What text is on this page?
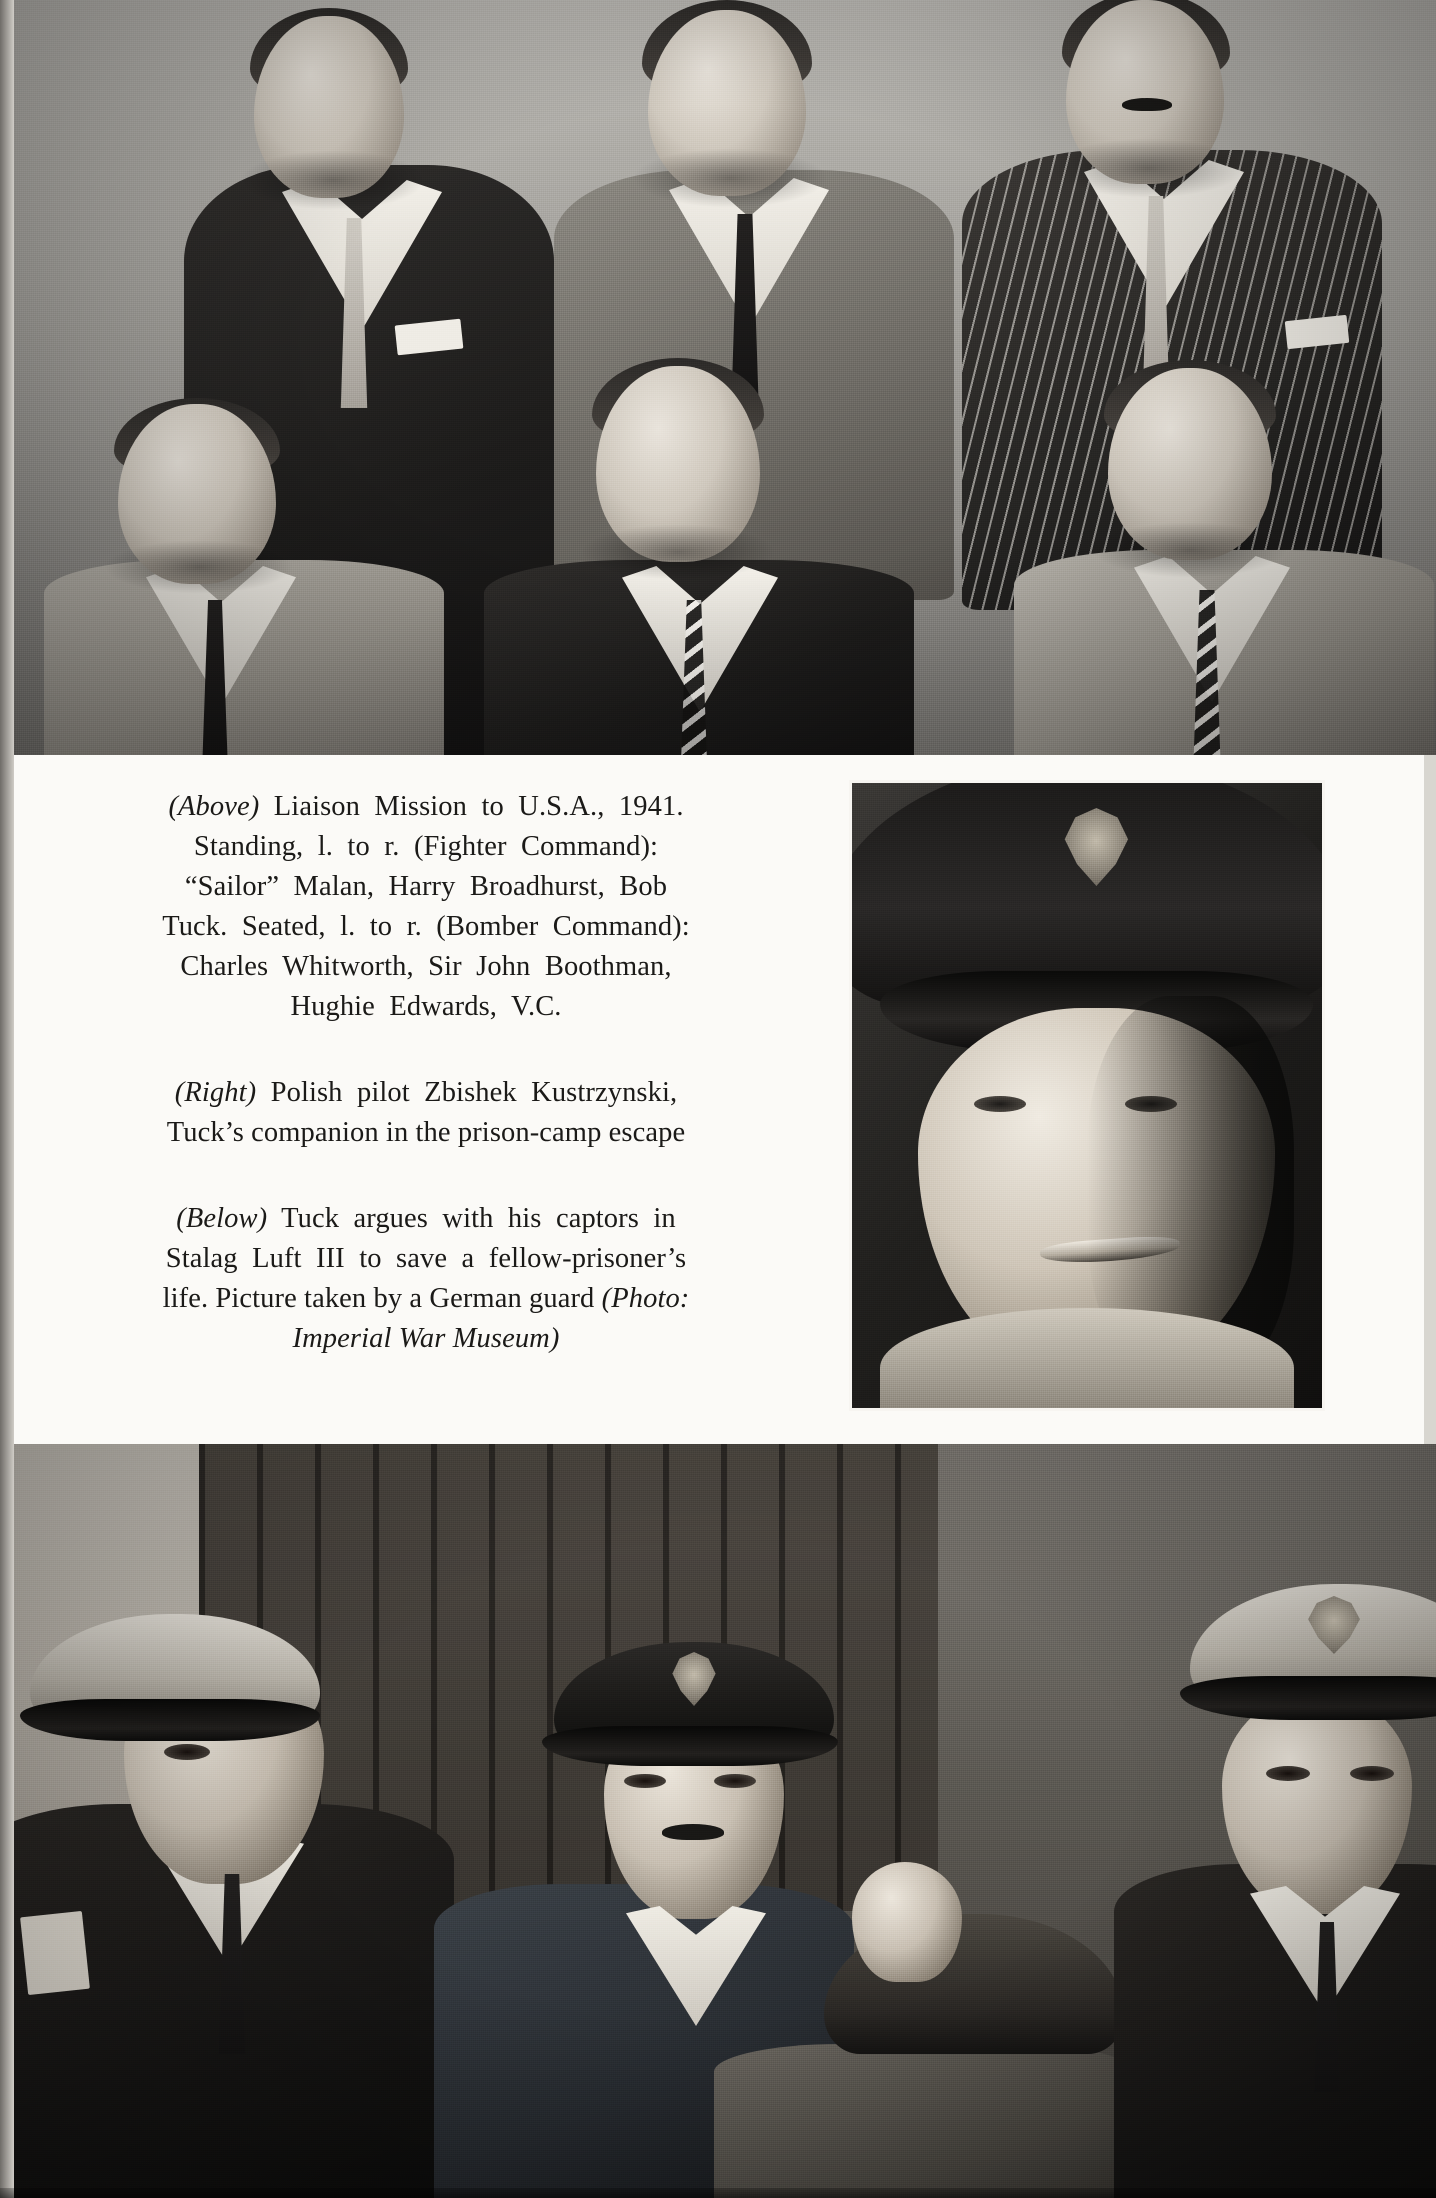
(Above)  Liaison  Mission  to  U.S.A.,  1941.

Standing,  l.  to  r.  (Fighter  Command):

“Sailor”  Malan,  Harry  Broadhurst,  Bob

Tuck.  Seated,  l.  to  r.  (Bomber  Command):

Charles  Whitworth,  Sir  John  Boothman,

Hughie  Edwards,  V.C.

(Right)  Polish  pilot  Zbishek  Kustrzynski,

Tuck’s companion in the prison-camp escape

(Below)  Tuck  argues  with  his  captors  in

Stalag  Luft  III  to  save  a  fellow-prisoner’s

life. Picture taken by a German guard (Photo:

Imperial War Museum)
